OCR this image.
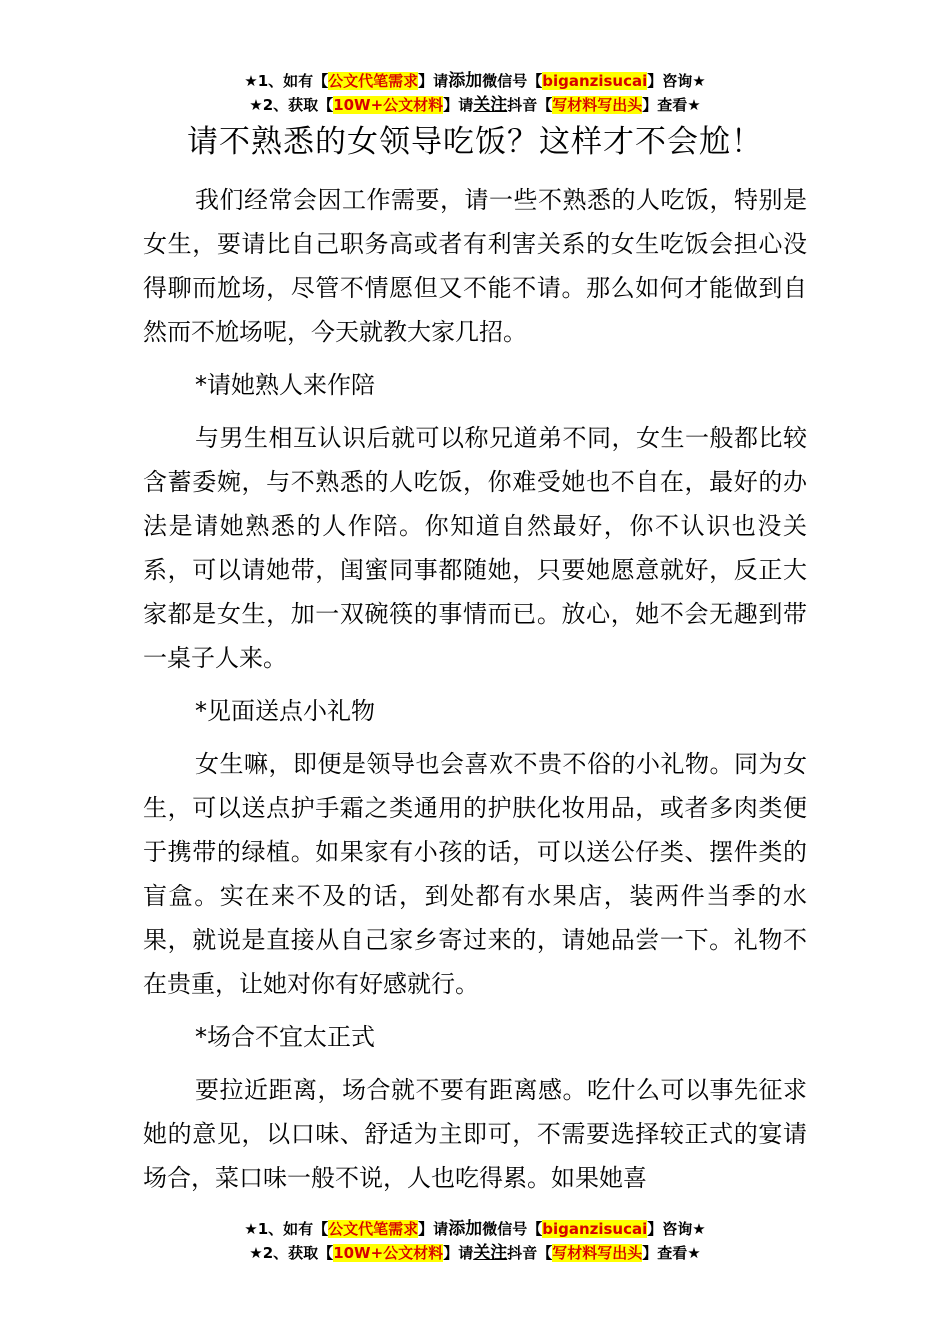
★1、如有【公文代笔需求】请添加微信号【biganzisucai】咨询★
★2、获取【10W+公文材料】请关注抖音【写材料写出头】查看★
请不熟悉的女领导吃饭？这样才不会尬！

我们经常会因工作需要，请一些不熟悉的人吃饭，特别是女生，要请比自己职务高或者有利害关系的女生吃饭会担心没得聊而尬场，尽管不情愿但又不能不请。那么如何才能做到自然而不尬场呢，今天就教大家几招。

*请她熟人来作陪

与男生相互认识后就可以称兄道弟不同，女生一般都比较含蓄委婉，与不熟悉的人吃饭，你难受她也不自在，最好的办法是请她熟悉的人作陪。你知道自然最好，你不认识也没关系，可以请她带，闺蜜同事都随她，只要她愿意就好，反正大家都是女生，加一双碗筷的事情而已。放心，她不会无趣到带一桌子人来。

*见面送点小礼物

女生嘛，即便是领导也会喜欢不贵不俗的小礼物。同为女生，可以送点护手霜之类通用的护肤化妆用品，或者多肉类便于携带的绿植。如果家有小孩的话，可以送公仔类、摆件类的盲盒。实在来不及的话，到处都有水果店，装两件当季的水果，就说是直接从自己家乡寄过来的，请她品尝一下。礼物不在贵重，让她对你有好感就行。

*场合不宜太正式

要拉近距离，场合就不要有距离感。吃什么可以事先征求她的意见，以口味、舒适为主即可，不需要选择较正式的宴请场合，菜口味一般不说，人也吃得累。如果她喜

★1、如有【公文代笔需求】请添加微信号【biganzisucai】咨询★
★2、获取【10W+公文材料】请关注抖音【写材料写出头】查看★
